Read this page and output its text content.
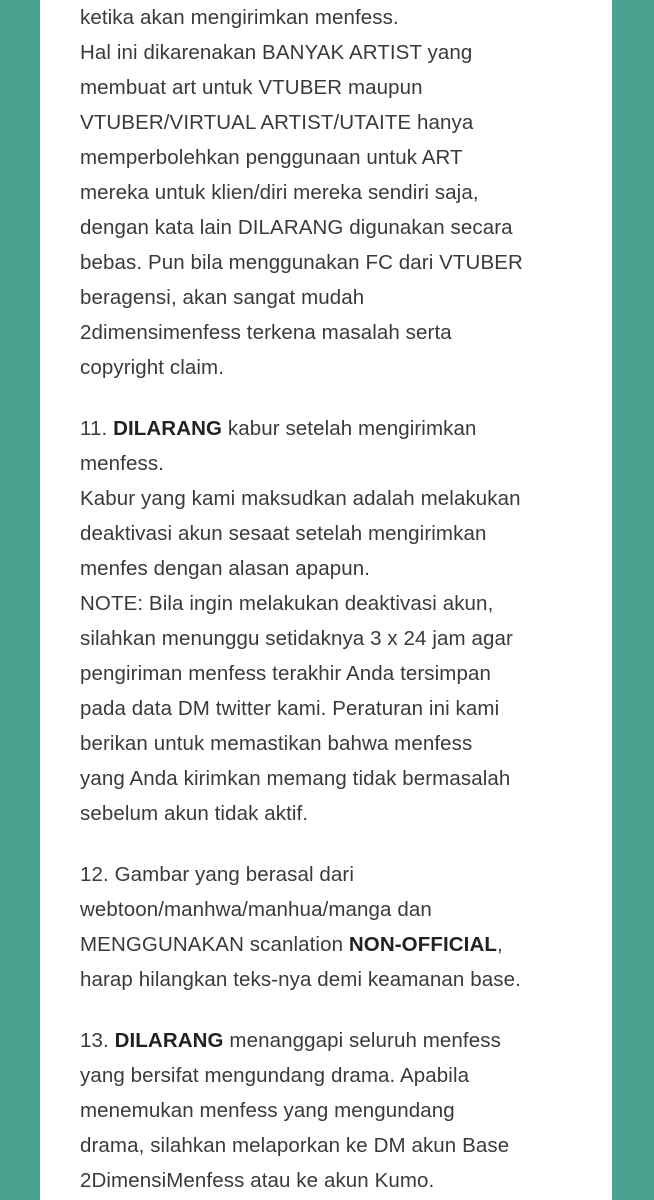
ketika akan mengirimkan menfess.
Hal ini dikarenakan BANYAK ARTIST yang
membuat art untuk VTUBER maupun
VTUBER/VIRTUAL ARTIST/UTAITE hanya
memperbolehkan penggunaan untuk ART
mereka untuk klien/diri mereka sendiri saja,
dengan kata lain DILARANG digunakan secara
bebas. Pun bila menggunakan FC dari VTUBER
beragensi, akan sangat mudah
2dimensimenfess terkena masalah serta
copyright claim.
11. DILARANG kabur setelah mengirimkan
menfess.
Kabur yang kami maksudkan adalah melakukan
deaktivasi akun sesaat setelah mengirimkan
menfes dengan alasan apapun.
NOTE: Bila ingin melakukan deaktivasi akun,
silahkan menunggu setidaknya 3 x 24 jam agar
pengiriman menfess terakhir Anda tersimpan
pada data DM twitter kami. Peraturan ini kami
berikan untuk memastikan bahwa menfess
yang Anda kirimkan memang tidak bermasalah
sebelum akun tidak aktif.
12. Gambar yang berasal dari
webtoon/manhwa/manhua/manga dan
MENGGUNAKAN scanlation NON-OFFICIAL,
harap hilangkan teks-nya demi keamanan base.
13. DILARANG menanggapi seluruh menfess
yang bersifat mengundang drama. Apabila
menemukan menfess yang mengundang
drama, silahkan melaporkan ke DM akun Base
2DimensiMenfess atau ke akun Kumo.
